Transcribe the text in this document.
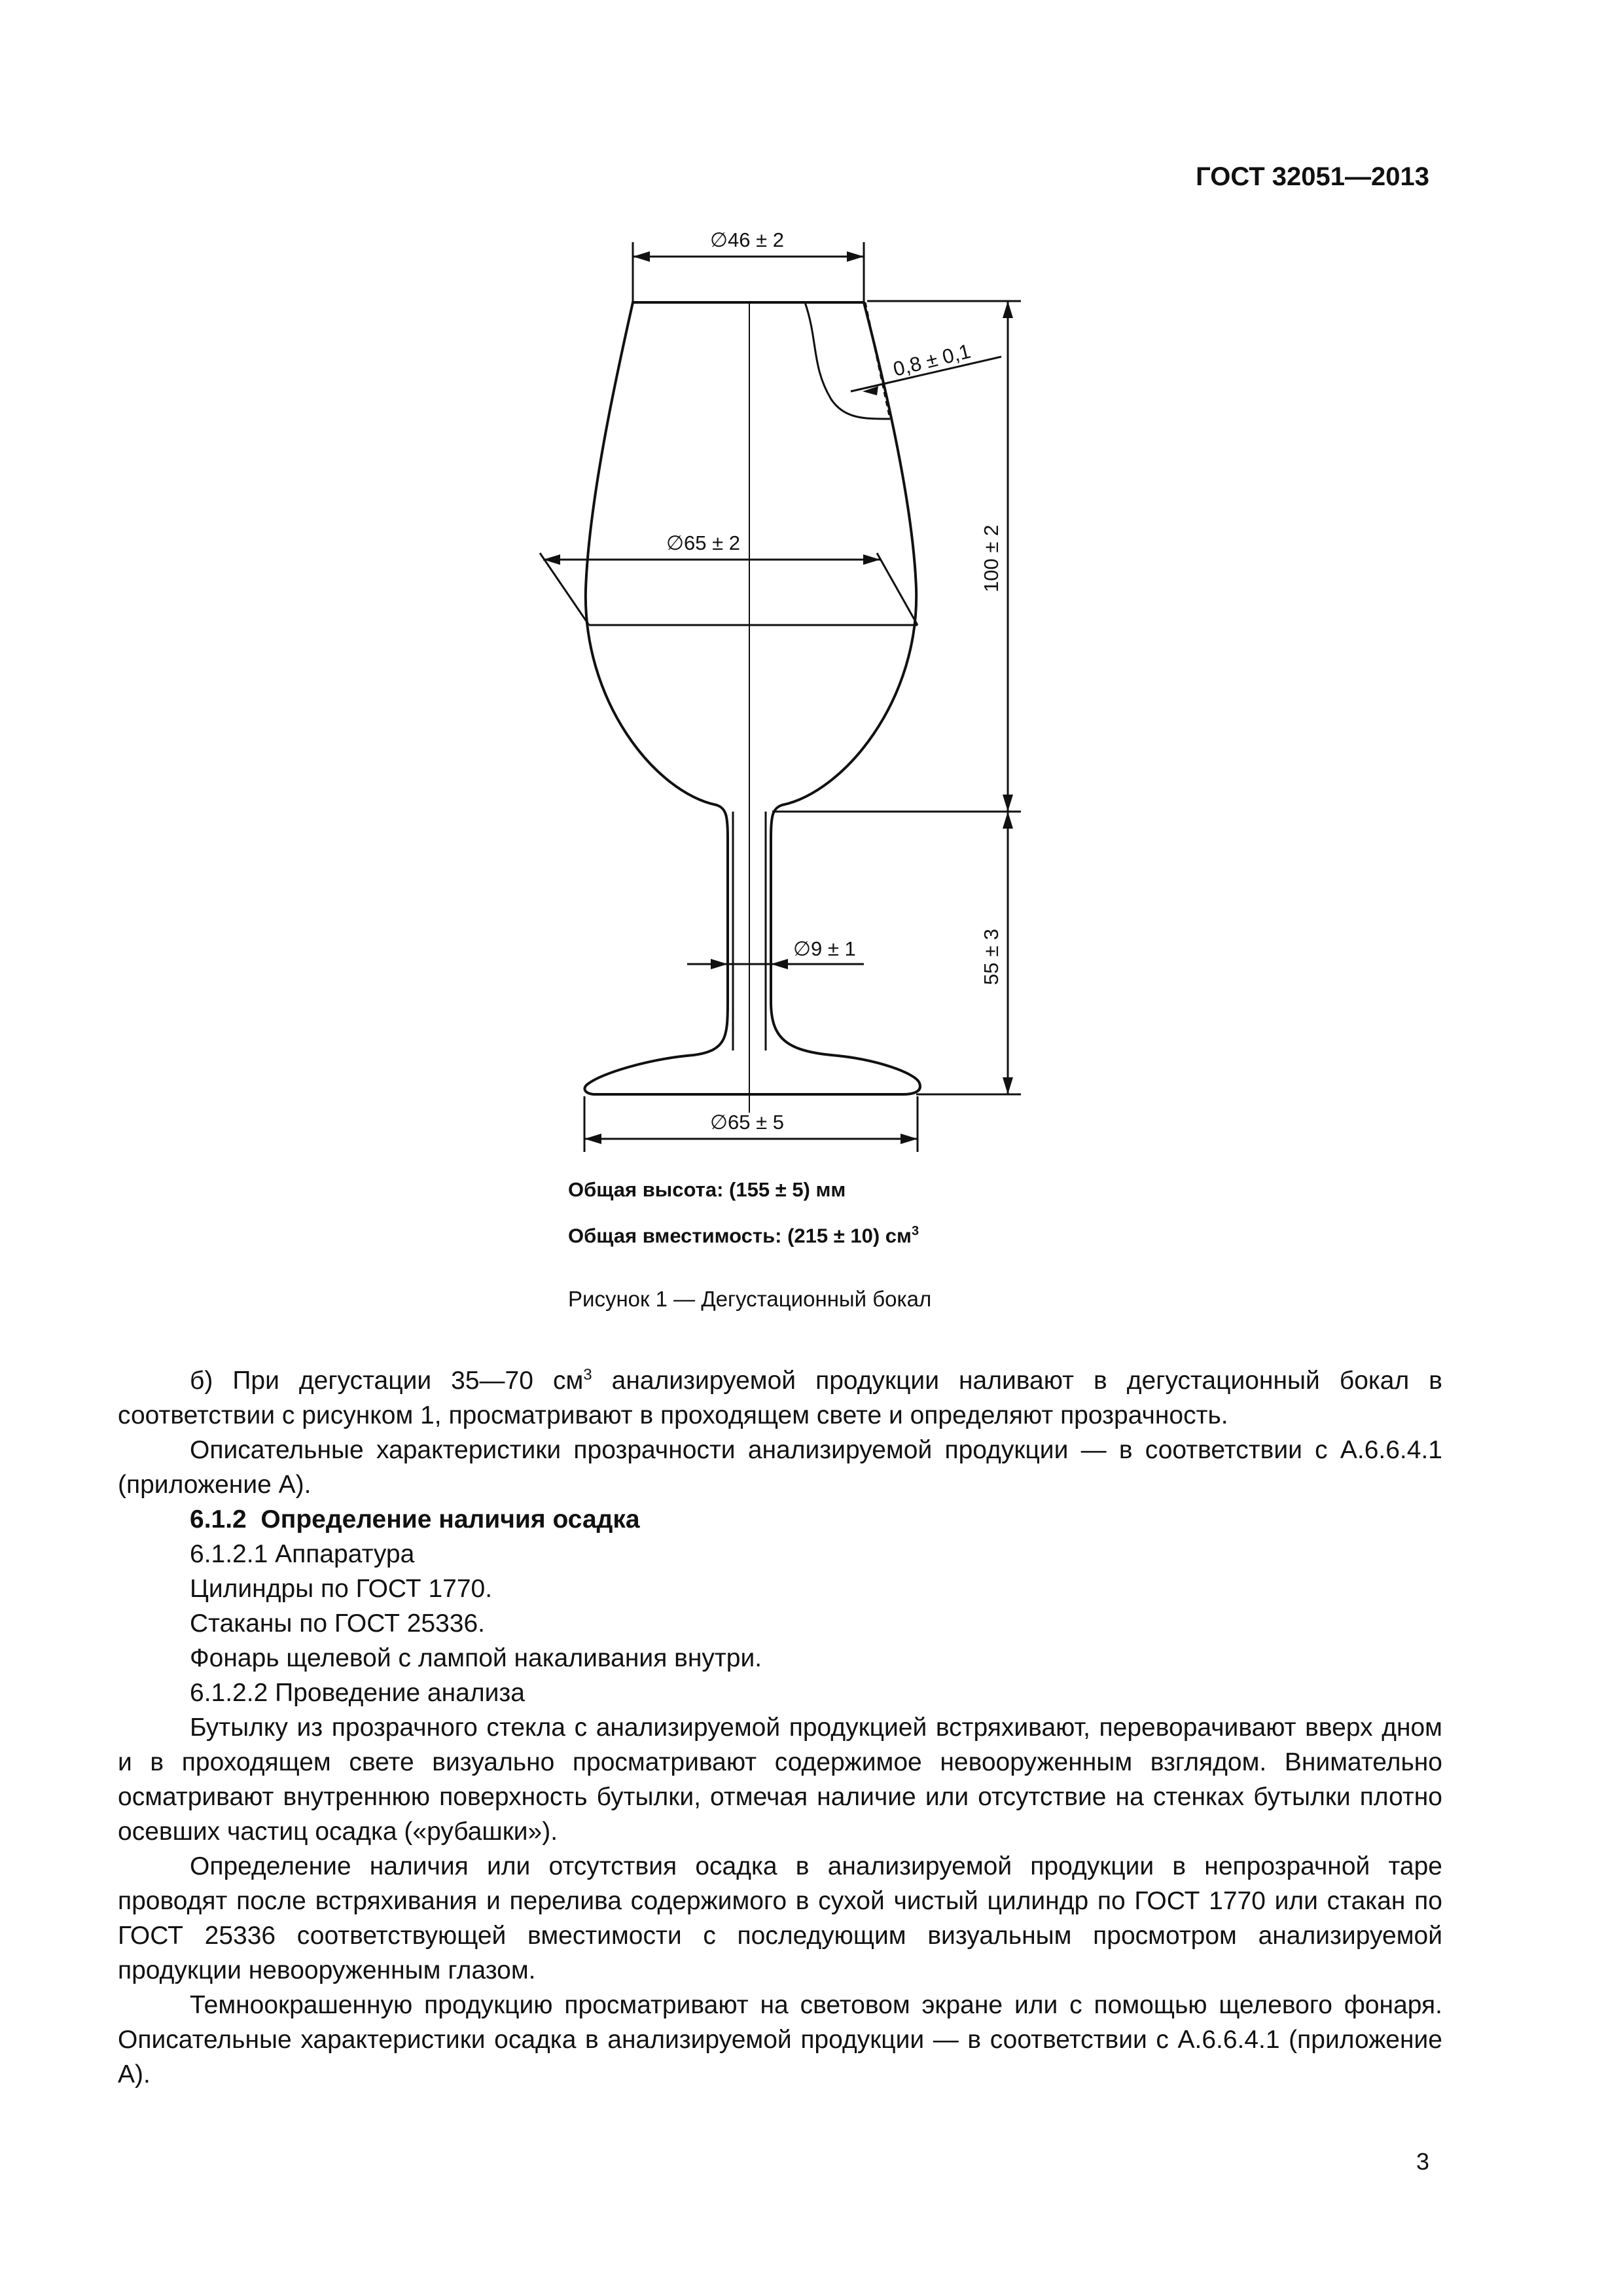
ГОСТ 32051—2013
∅46 ± 2
0,8 ± 0,1
∅65 ± 2	100 ± 2
∅9 ± 1	55 ± 3
∅65 ± 5
Общая высота: (155 ± 5) мм
Общая вместимость: (215 ± 10) $см^3$
Рисунок 1 — Дегустационный бокал

б) При дегустации 35—70 $см^3$ анализируемой продукции наливают в дегустационный бокал в соответствии с рисунком 1, просматривают в проходящем свете и определяют прозрачность.

Описательные характеристики прозрачности анализируемой продукции — в соответствии с А.6.6.4.1 (приложение А).

6.1.2 Определение наличия осадка

6.1.2.1 Аппаратура

Цилиндры по ГОСТ 1770.

Стаканы по ГОСТ 25336.

Фонарь щелевой с лампой накаливания внутри.

6.1.2.2 Проведение анализа

Бутылку из прозрачного стекла с анализируемой продукцией встряхивают, переворачивают вверх дном и в проходящем свете визуально просматривают содержимое невооруженным взглядом. Внимательно осматривают внутреннюю поверхность бутылки, отмечая наличие или отсутствие на стенках бутылки плотно осевших частиц осадка («рубашки»).

Определение наличия или отсутствия осадка в анализируемой продукции в непрозрачной таре проводят после встряхивания и перелива содержимого в сухой чистый цилиндр по ГОСТ 1770 или стакан по ГОСТ 25336 соответствующей вместимости с последующим визуальным просмотром анализируемой продукции невооруженным глазом.

Темноокрашенную продукцию просматривают на световом экране или с помощью щелевого фонаря. Описательные характеристики осадка в анализируемой продукции — в соответствии с А.6.6.4.1 (приложение А).

3
